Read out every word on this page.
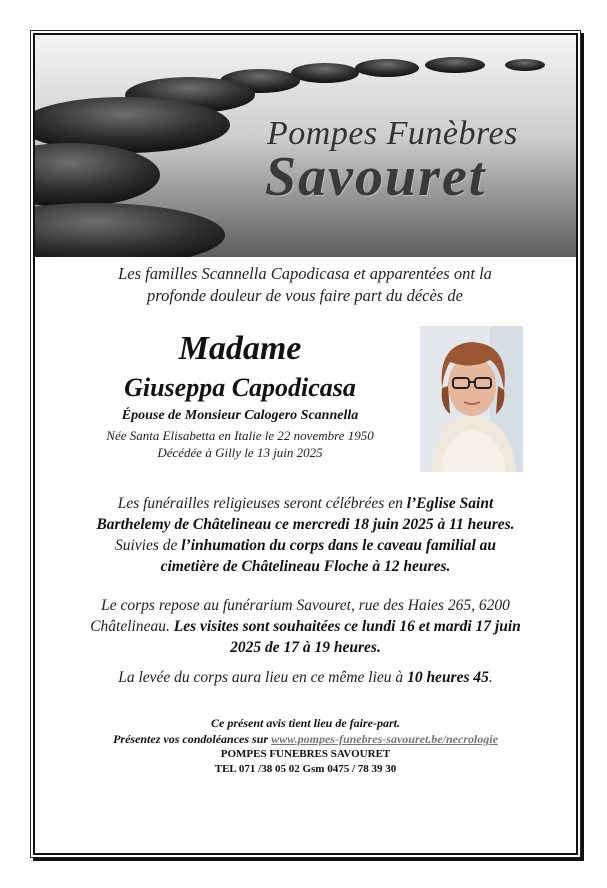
Pompes Funèbres
Savouret
Les familles Scannella Capodicasa et apparentées ont la
profonde douleur de vous faire part du décès de
Madame
Giuseppa Capodicasa
Épouse de Monsieur Calogero Scannella
Née Santa Elisabetta en Italie le 22 novembre 1950
Décédée à Gilly le 13 juin 2025
Les funérailles religieuses seront célébrées en l’Eglise Saint
Barthelemy de Châtelineau ce mercredi 18 juin 2025 à 11 heures.
Suivies de l’inhumation du corps dans le caveau familial au
cimetière de Châtelineau Floche à 12 heures.
Le corps repose au funérarium Savouret, rue des Haies 265, 6200
Châtelineau. Les visites sont souhaitées ce lundi 16 et mardi 17 juin
2025 de 17 à 19 heures.
La levée du corps aura lieu en ce même lieu à 10 heures 45.
Ce présent avis tient lieu de faire-part.
Présentez vos condoléances sur www.pompes-funebres-savouret.be/necrologie
POMPES FUNEBRES SAVOURET
TEL 071 /38 05 02 Gsm 0475 / 78 39 30
